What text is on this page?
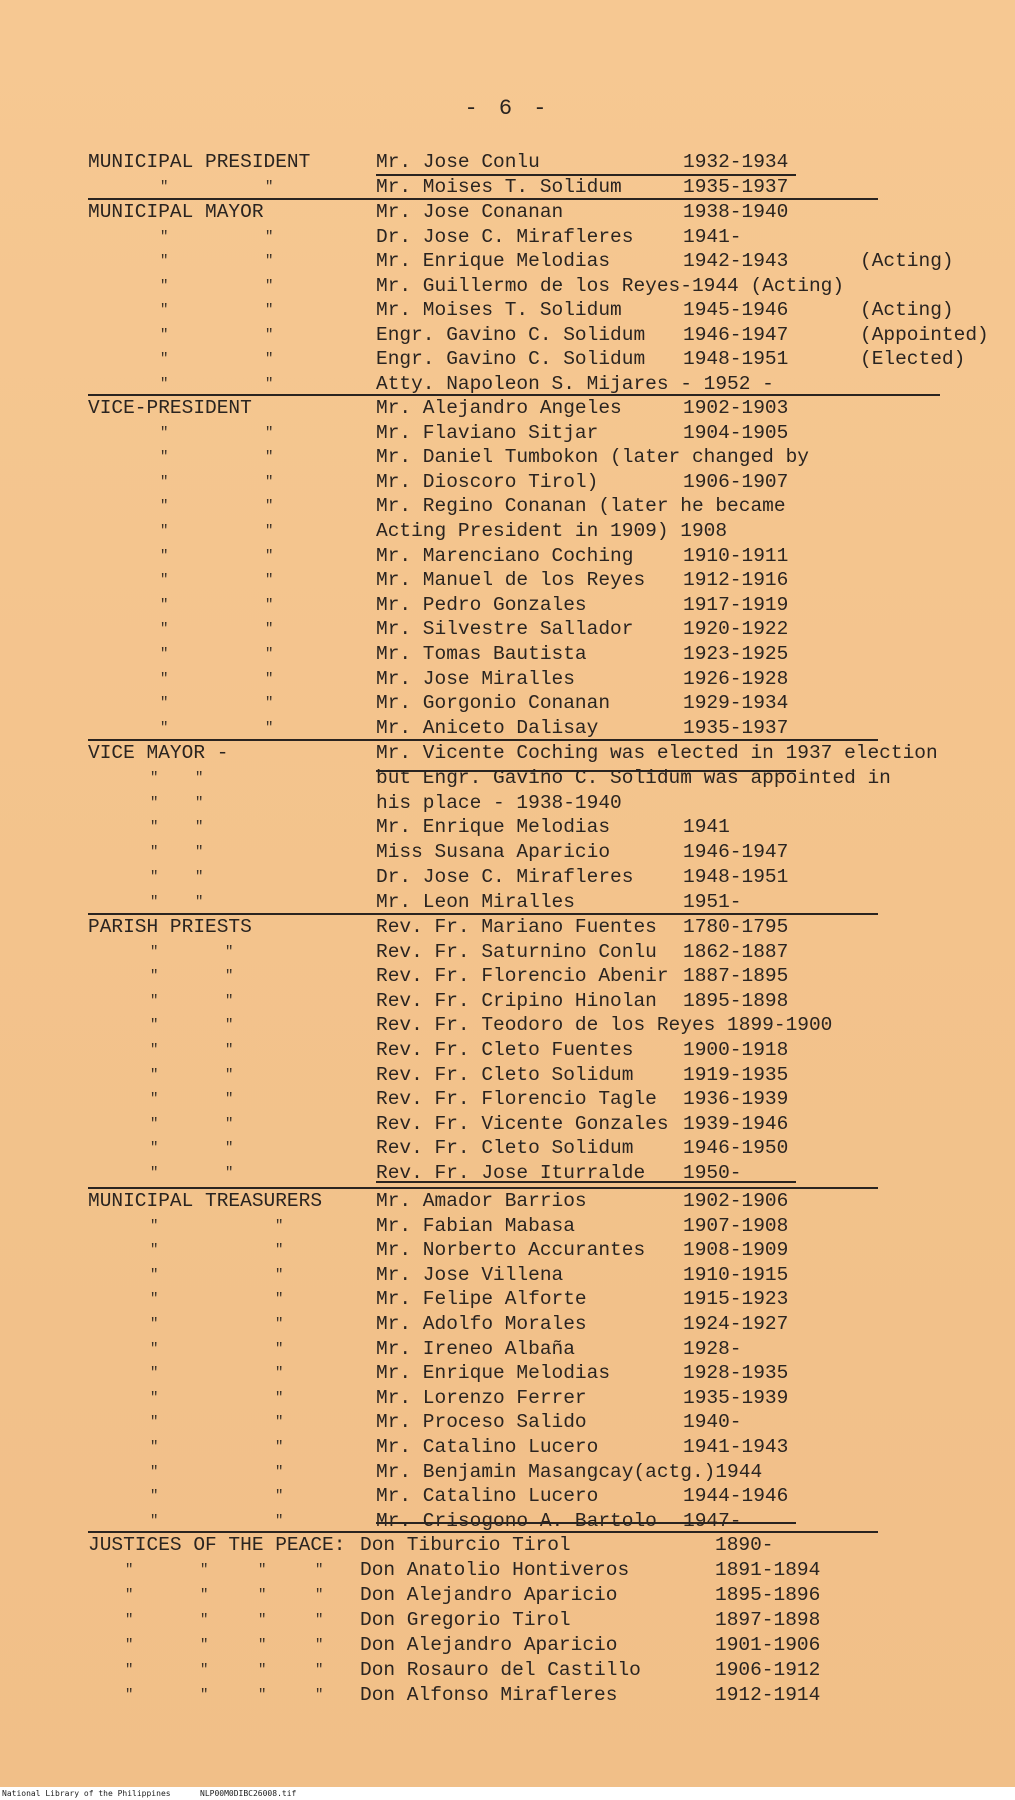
- 6 -
MUNICIPAL PRESIDENT	Mr. Jose Conlu	1932-1934
"	"	Mr. Moises T. Solidum	1935-1937
MUNICIPAL MAYOR	Mr. Jose Conanan	1938-1940
"	"	Dr. Jose C. Mirafleres	1941-
"	"	Mr. Enrique Melodias	1942-1943	(Acting)
"	"	Mr. Guillermo de los Reyes-1944 (Acting)
"	"	Mr. Moises T. Solidum	1945-1946	(Acting)
"	"	Engr. Gavino C. Solidum 1946-1947	(Appointed)
"	"	Engr. Gavino C. Solidum 1948-1951	(Elected)
"	"	Atty. Napoleon S. Mijares - 1952 -
VICE-PRESIDENT	Mr. Alejandro Angeles	1902-1903
"	"	Mr. Flaviano Sitjar	1904-1905
"	"	Mr. Daniel Tumbokon (later changed by
"	"	Mr. Dioscoro Tirol)	1906-1907
"	"	Mr. Regino Conanan (later he became
"	"	Acting President in 1909) 1908
"	"	Mr. Marenciano Coching	1910-1911
"	"	Mr. Manuel de los Reyes 1912-1916
"	"	Mr. Pedro Gonzales	1917-1919
"	"	Mr. Silvestre Sallador	1920-1922
"	"	Mr. Tomas Bautista	1923-1925
"	"	Mr. Jose Miralles	1926-1928
"	"	Mr. Gorgonio Conanan	1929-1934
"	"	Mr. Aniceto Dalisay	1935-1937
VICE MAYOR -	Mr. Vicente Coching was elected in 1937 election
"	"	but Engr. Gavino C. Solidum was appointed in
"	"	his place - 1938-1940
"	"	Mr. Enrique Melodias	1941
"	"	Miss Susana Aparicio	1946-1947
"	"	Dr. Jose C. Mirafleres	1948-1951
"	"	Mr. Leon Miralles	1951-
PARISH PRIESTS	Rev. Fr. Mariano Fuentes 1780-1795
"	"	Rev. Fr. Saturnino Conlu 1862-1887
"	"	Rev. Fr. Florencio Abenir 1887-1895
"	"	Rev. Fr. Cripino Hinolan 1895-1898
"	"	Rev. Fr. Teodoro de los Reyes 1899-1900
"	"	Rev. Fr. Cleto Fuentes	1900-1918
"	"	Rev. Fr. Cleto Solidum	1919-1935
"	"	Rev. Fr. Florencio Tagle 1936-1939
"	"	Rev. Fr. Vicente Gonzales 1939-1946
"	"	Rev. Fr. Cleto Solidum	1946-1950
"	"	Rev. Fr. Jose Iturralde 1950-
MUNICIPAL TREASURERS	Mr. Amador Barrios	1902-1906
"	"	Mr. Fabian Mabasa	1907-1908
"	"	Mr. Norberto Accurantes 1908-1909
"	"	Mr. Jose Villena	1910-1915
"	"	Mr. Felipe Alforte	1915-1923
"	"	Mr. Adolfo Morales	1924-1927
"	"	Mr. Ireneo Albaña	1928-
"	"	Mr. Enrique Melodias	1928-1935
"	"	Mr. Lorenzo Ferrer	1935-1939
"	"	Mr. Proceso Salido	1940-
"	"	Mr. Catalino Lucero	1941-1943
"	"	Mr. Benjamin Masangcay(actg.)1944
"	"	Mr. Catalino Lucero	1944-1946
"	"	Mr. Crisogono A. Bartolo 1947-
JUSTICES OF THE PEACE: Don Tiburcio Tirol	1890-
"	"	"	" Don Anatolio Hontiveros	1891-1894
"	"	"	" Don Alejandro Aparicio	1895-1896
"	"	"	" Don Gregorio Tirol	1897-1898
"	"	"	" Don Alejandro Aparicio	1901-1906
"	"	"	" Don Rosauro del Castillo	1906-1912
"	"	"	" Don Alfonso Mirafleres	1912-1914
National Library of the Philippines	NLP00M0DIBC26008.tif
